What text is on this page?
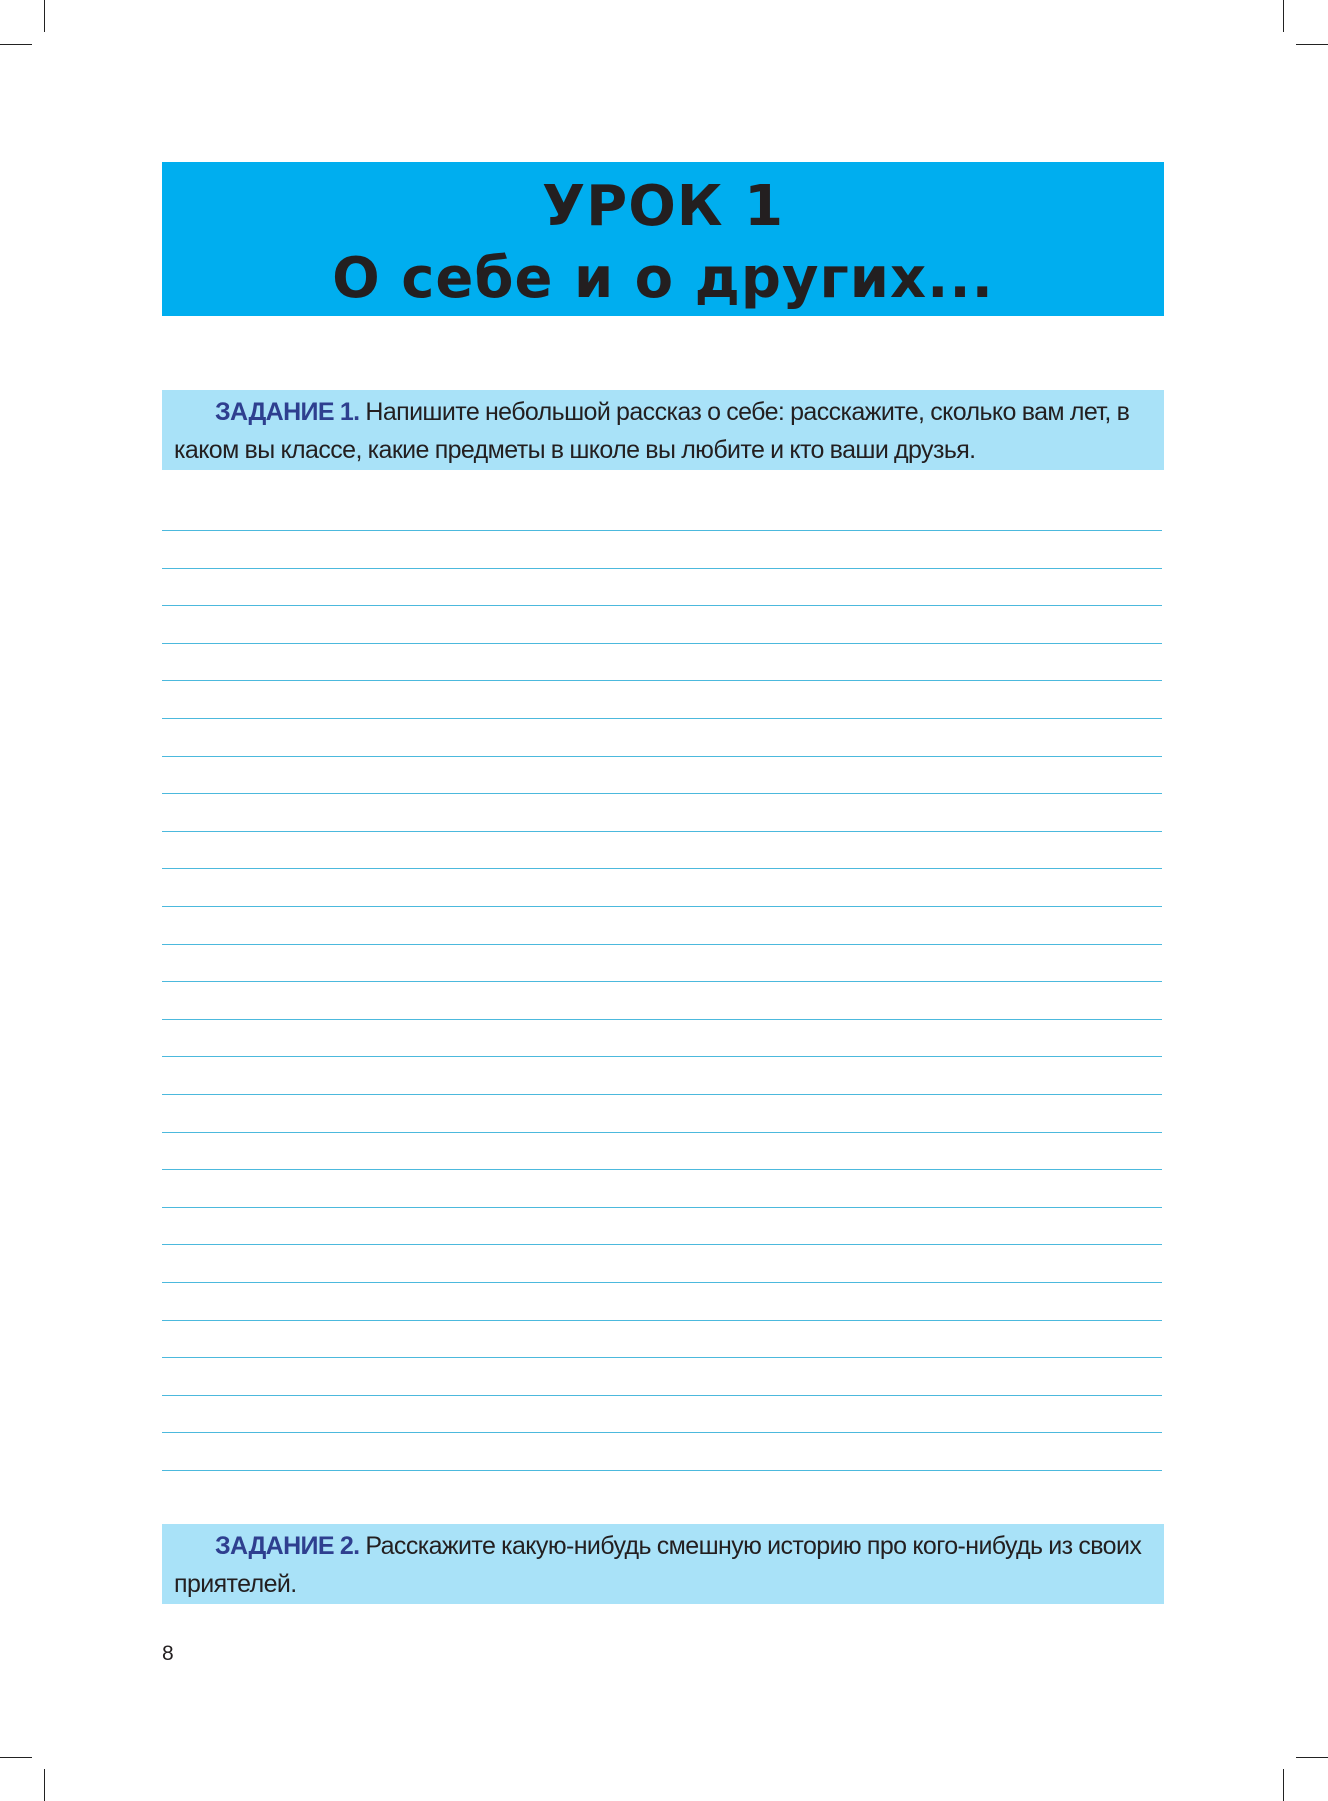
УРОК 1
О себе и о других...
ЗАДАНИЕ 1. Напишите небольшой рассказ о себе: расскажите, сколько вам лет, в каком вы классе, какие предметы в школе вы любите и кто ваши друзья.
ЗАДАНИЕ 2. Расскажите какую-нибудь смешную историю про кого-нибудь из своих приятелей.
8
